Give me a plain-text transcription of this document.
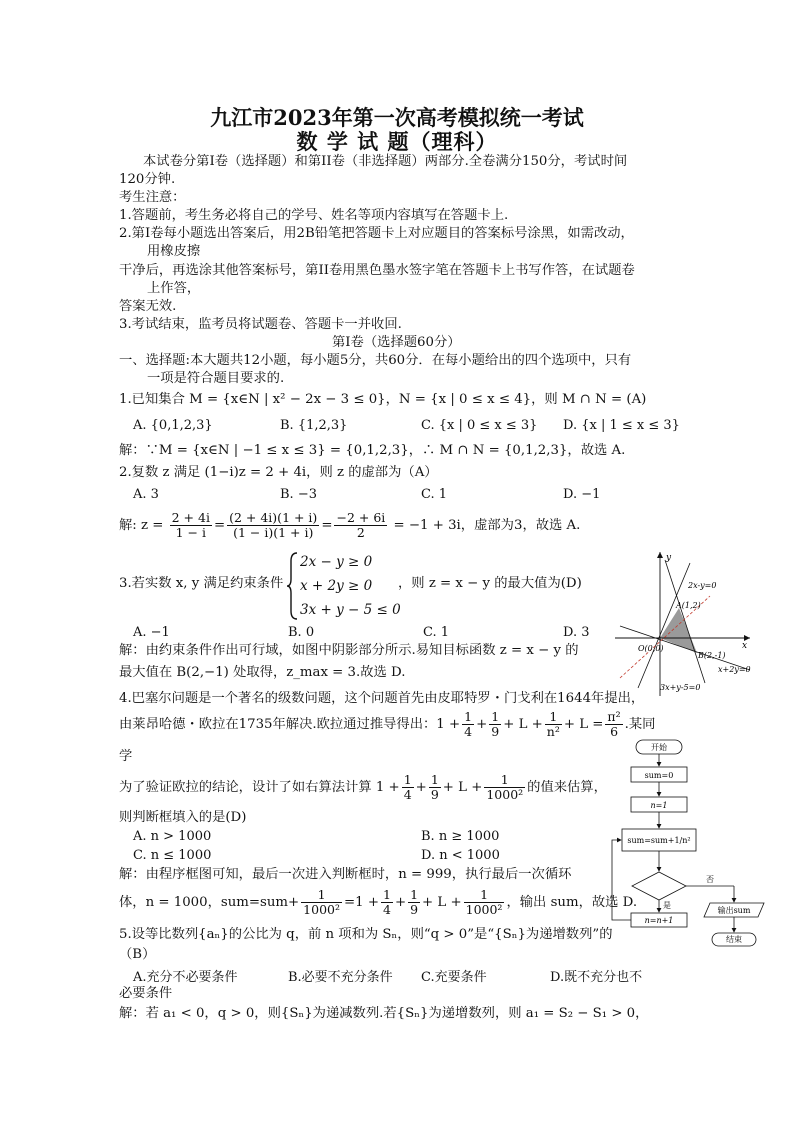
九江市2023年第一次高考模拟统一考试
数 学 试 题（理科）
本试卷分第I卷（选择题）和第II卷（非选择题）两部分.全卷满分150分，考试时间
120分钟.
考生注意：
1.答题前，考生务必将自己的学号、姓名等项内容填写在答题卡上.
2.第I卷每小题选出答案后，用2B铅笔把答题卡上对应题目的答案标号涂黑，如需改动，
用橡皮擦
干净后，再选涂其他答案标号，第II卷用黑色墨水签字笔在答题卡上书写作答，在试题卷
上作答，
答案无效.
3.考试结束，监考员将试题卷、答题卡一并收回.
第I卷（选择题60分）
一、选择题:本大题共12小题，每小题5分，共60分．在每小题给出的四个选项中，只有
一项是符合题目要求的.
1.已知集合 M = {x∈N | x² − 2x − 3 ≤ 0}，N = {x | 0 ≤ x ≤ 4}，则 M ∩ N = (A)
A. {0,1,2,3}	B. {1,2,3}	C. {x | 0 ≤ x ≤ 3} D. {x | 1 ≤ x ≤ 3}
解：∵M = {x∈N | −1 ≤ x ≤ 3} = {0,1,2,3}，∴ M ∩ N = {0,1,2,3}，故选 A.
2.复数 z 满足 (1−i)z = 2 + 4i，则 z 的虚部为（A）
A. 3	B. −3	C. 1	D. −1
解: $z = \frac{2 + 4i}{1 - i} = \frac{(2 + 4i)(1 + i)}{(1 - i)(1 + i)} = \frac{-2 + 6i}{2} = -1 + 3i$，虚部为3，故选 A.
3.若实数 x, y 满足约束条件
2x − y ≥ 0
x + 2y ≥ 0
3x + y − 5 ≤ 0
，则 z = x − y 的最大值为(D)
A. −1	B. 0	C. 1	D. 3
解：由约束条件作出可行域，如图中阴影部分所示.易知目标函数 z = x − y 的
最大值在 B(2,−1) 处取得，z_max = 3.故选 D.
y
x
2x-y=0
A(1,2)
O(0,0)
B(2,-1)
x+2y=0
3x+y-5=0
4.巴塞尔问题是一个著名的级数问题，这个问题首先由皮耶特罗・门戈利在1644年提出，
由莱昂哈德・欧拉在1735年解决.欧拉通过推导得出：$1 + \frac{1}{4} + \frac{1}{9} + L + \frac{1}{\text{n²}} + L = \frac{\text{π²}}{6}$ .某同
学
为了验证欧拉的结论，设计了如右算法计算 $1 + \frac{1}{4} + \frac{1}{9} + L + \frac{1}{\text{1000²}}$ 的值来估算，
则判断框填入的是(D)
A. n > 1000	B. n ≥ 1000
C. n ≤ 1000	D. n < 1000
解：由程序框图可知，最后一次进入判断框时，n = 999，执行最后一次循环
体，n = 1000，$sum=sum+ \frac{1}{\text{1000²}} =1 + \frac{1}{4} + \frac{1}{9} + L + \frac{1}{\text{1000²}}$ ，输出 sum，故选 D.
开始
sum=0
n=1
sum=sum+1/n²
否
输出sum
结束
是
n=n+1
5.设等比数列{aₙ}的公比为 q，前 n 项和为 Sₙ，则“q > 0”是“{Sₙ}为递增数列”的
（B）
A.充分不必要条件	B.必要不充分条件 C.充要条件	D.既不充分也不
必要条件
解：若 a₁ < 0，q > 0，则{Sₙ}为递减数列.若{Sₙ}为递增数列，则 a₁ = S₂ − S₁ > 0，
